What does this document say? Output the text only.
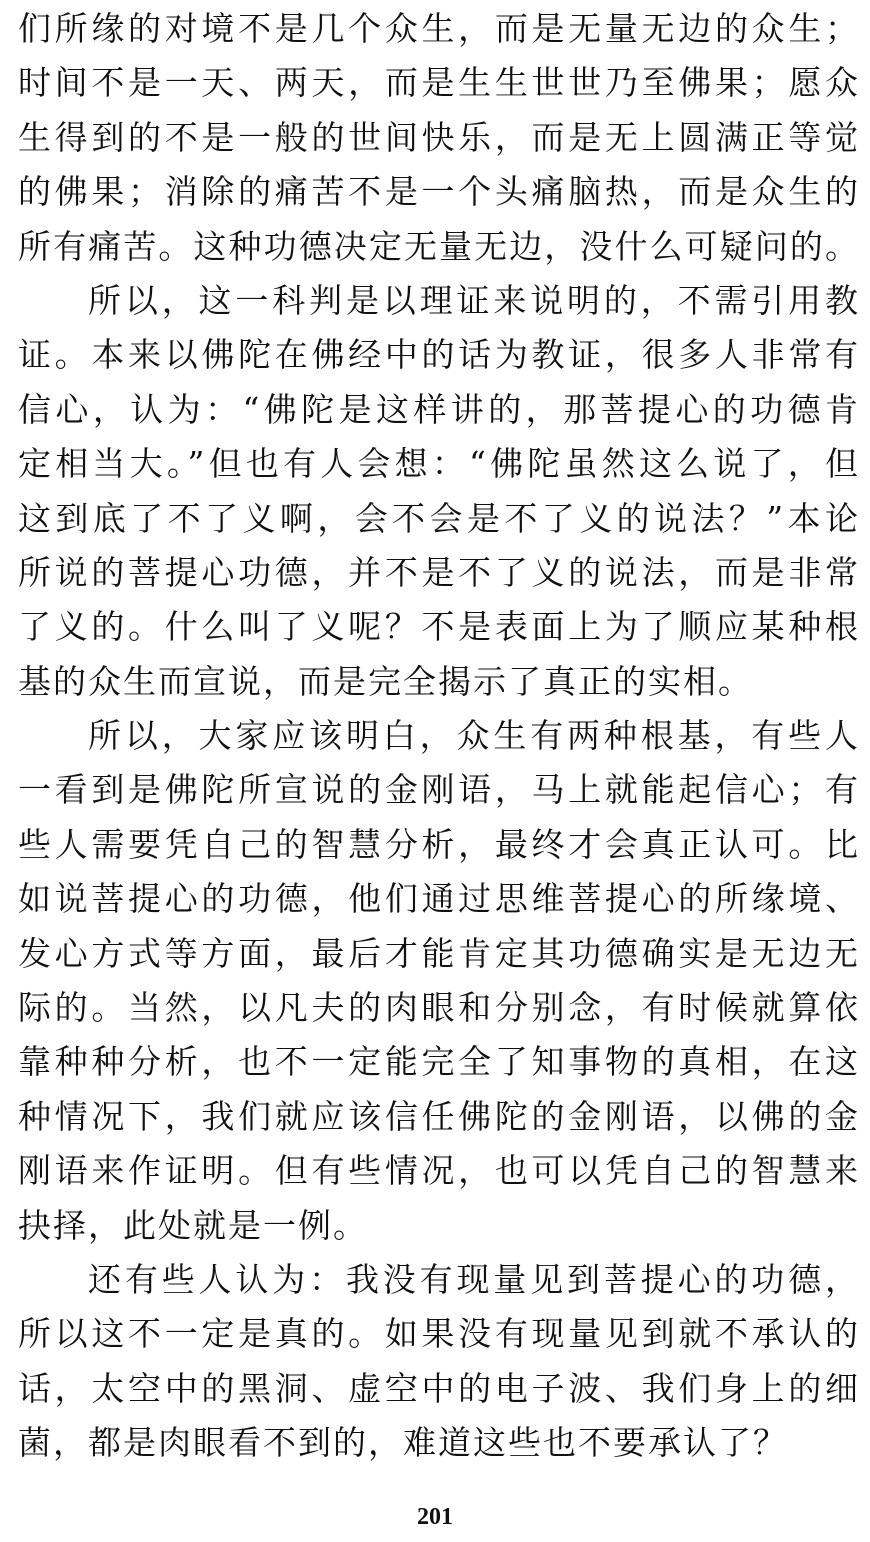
们所缘的对境不是几个众生，而是无量无边的众生；
时间不是一天、两天，而是生生世世乃至佛果；愿众
生得到的不是一般的世间快乐，而是无上圆满正等觉
的佛果；消除的痛苦不是一个头痛脑热，而是众生的
所有痛苦。这种功德决定无量无边，没什么可疑问的。
所以，这一科判是以理证来说明的，不需引用教
证。本来以佛陀在佛经中的话为教证，很多人非常有
信心，认为：“佛陀是这样讲的，那菩提心的功德肯
定相当大。”但也有人会想：“佛陀虽然这么说了，但
这到底了不了义啊，会不会是不了义的说法？”本论
所说的菩提心功德，并不是不了义的说法，而是非常
了义的。什么叫了义呢？不是表面上为了顺应某种根
基的众生而宣说，而是完全揭示了真正的实相。
所以，大家应该明白，众生有两种根基，有些人
一看到是佛陀所宣说的金刚语，马上就能起信心；有
些人需要凭自己的智慧分析，最终才会真正认可。比
如说菩提心的功德，他们通过思维菩提心的所缘境、
发心方式等方面，最后才能肯定其功德确实是无边无
际的。当然，以凡夫的肉眼和分别念，有时候就算依
靠种种分析，也不一定能完全了知事物的真相，在这
种情况下，我们就应该信任佛陀的金刚语，以佛的金
刚语来作证明。但有些情况，也可以凭自己的智慧来
抉择，此处就是一例。
还有些人认为：我没有现量见到菩提心的功德，
所以这不一定是真的。如果没有现量见到就不承认的
话，太空中的黑洞、虚空中的电子波、我们身上的细
菌，都是肉眼看不到的，难道这些也不要承认了？
201
